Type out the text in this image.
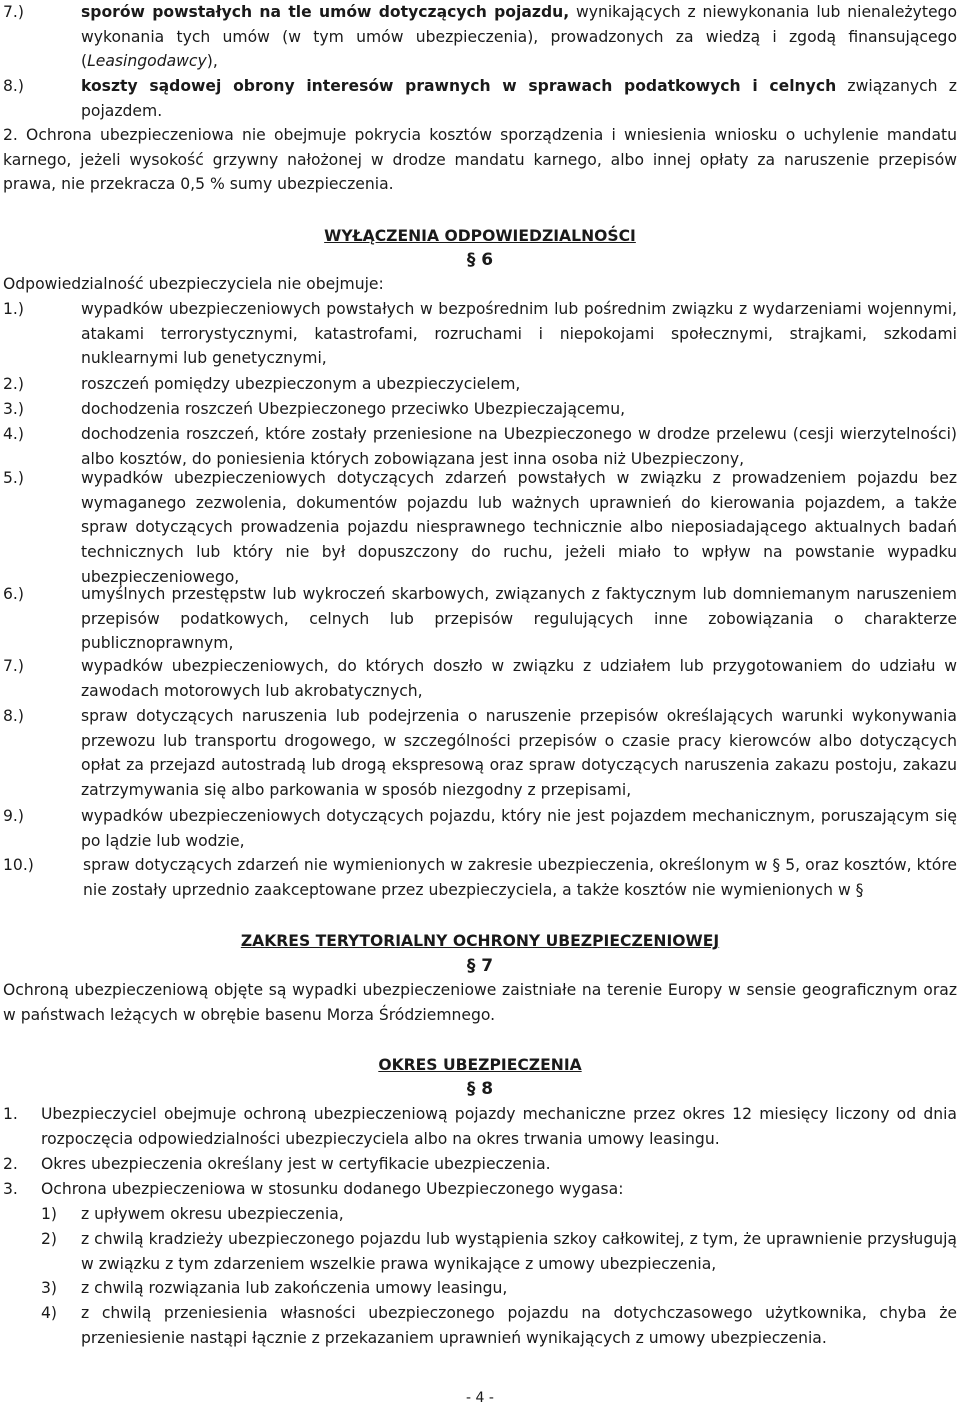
7.)	sporów powstałych na tle umów dotyczących pojazdu, wynikających z niewykonania lub nienależytego wykonania tych umów (w tym umów ubezpieczenia), prowadzonych za wiedzą i zgodą finansującego (Leasingodawcy),
8.)	koszty sądowej obrony interesów prawnych w sprawach podatkowych i celnych związanych z pojazdem.
2. Ochrona ubezpieczeniowa nie obejmuje pokrycia kosztów sporządzenia i wniesienia wniosku o uchylenie mandatu karnego, jeżeli wysokość grzywny nałożonej w drodze mandatu karnego, albo innej opłaty za naruszenie przepisów prawa, nie przekracza 0,5 % sumy ubezpieczenia.
WYŁĄCZENIA ODPOWIEDZIALNOŚCI
§ 6
Odpowiedzialność ubezpieczyciela nie obejmuje:
1.)	wypadków ubezpieczeniowych powstałych w bezpośrednim lub pośrednim związku z wydarzeniami wojennymi, atakami terrorystycznymi, katastrofami, rozruchami i niepokojami społecznymi, strajkami, szkodami nuklearnymi lub genetycznymi,
2.)	roszczeń pomiędzy ubezpieczonym a ubezpieczycielem,
3.)	dochodzenia roszczeń Ubezpieczonego przeciwko Ubezpieczającemu,
4.)	dochodzenia roszczeń, które zostały przeniesione na Ubezpieczonego w drodze przelewu (cesji wierzytelności) albo kosztów, do poniesienia których zobowiązana jest inna osoba niż Ubezpieczony,
5.)	wypadków ubezpieczeniowych dotyczących zdarzeń powstałych w związku z prowadzeniem pojazdu bez wymaganego zezwolenia, dokumentów pojazdu lub ważnych uprawnień do kierowania pojazdem, a także spraw dotyczących prowadzenia pojazdu niesprawnego technicznie albo nieposiadającego aktualnych badań technicznych lub który nie był dopuszczony do ruchu, jeżeli miało to wpływ na powstanie wypadku ubezpieczeniowego,
6.)	umyślnych przestępstw lub wykroczeń skarbowych, związanych z faktycznym lub domniemanym naruszeniem przepisów podatkowych, celnych lub przepisów regulujących inne zobowiązania o charakterze publicznoprawnym,
7.)	wypadków ubezpieczeniowych, do których doszło w związku z udziałem lub przygotowaniem do udziału w zawodach motorowych lub akrobatycznych,
8.)	spraw dotyczących naruszenia lub podejrzenia o naruszenie przepisów określających warunki wykonywania przewozu lub transportu drogowego, w szczególności przepisów o czasie pracy kierowców albo dotyczących opłat za przejazd autostradą lub drogą ekspresową oraz spraw dotyczących naruszenia zakazu postoju, zakazu zatrzymywania się albo parkowania w sposób niezgodny z przepisami,
9.)	wypadków ubezpieczeniowych dotyczących pojazdu, który nie jest pojazdem mechanicznym, poruszającym się po lądzie lub wodzie,
10.)	spraw dotyczących zdarzeń nie wymienionych w zakresie ubezpieczenia, określonym w § 5, oraz kosztów, które nie zostały uprzednio zaakceptowane przez ubezpieczyciela, a także kosztów nie wymienionych w §
ZAKRES TERYTORIALNY OCHRONY UBEZPIECZENIOWEJ
§ 7
Ochroną ubezpieczeniową objęte są wypadki ubezpieczeniowe zaistniałe na terenie Europy w sensie geograficznym oraz w państwach leżących w obrębie basenu Morza Śródziemnego.
OKRES UBEZPIECZENIA
§ 8
1. Ubezpieczyciel obejmuje ochroną ubezpieczeniową pojazdy mechaniczne przez okres 12 miesięcy liczony od dnia rozpoczęcia odpowiedzialności ubezpieczyciela albo na okres trwania umowy leasingu.
2. Okres ubezpieczenia określany jest w certyfikacie ubezpieczenia.
3. Ochrona ubezpieczeniowa w stosunku dodanego Ubezpieczonego wygasa:
1) z upływem okresu ubezpieczenia,
2) z chwilą kradzieży ubezpieczonego pojazdu lub wystąpienia szkoy całkowitej, z tym, że uprawnienie przysługują w związku z tym zdarzeniem wszelkie prawa wynikające z umowy ubezpieczenia,
3) z chwilą rozwiązania lub zakończenia umowy leasingu,
4) z chwilą przeniesienia własności ubezpieczonego pojazdu na dotychczasowego użytkownika, chyba że przeniesienie nastąpi łącznie z przekazaniem uprawnień wynikających z umowy ubezpieczenia.
- 4 -
